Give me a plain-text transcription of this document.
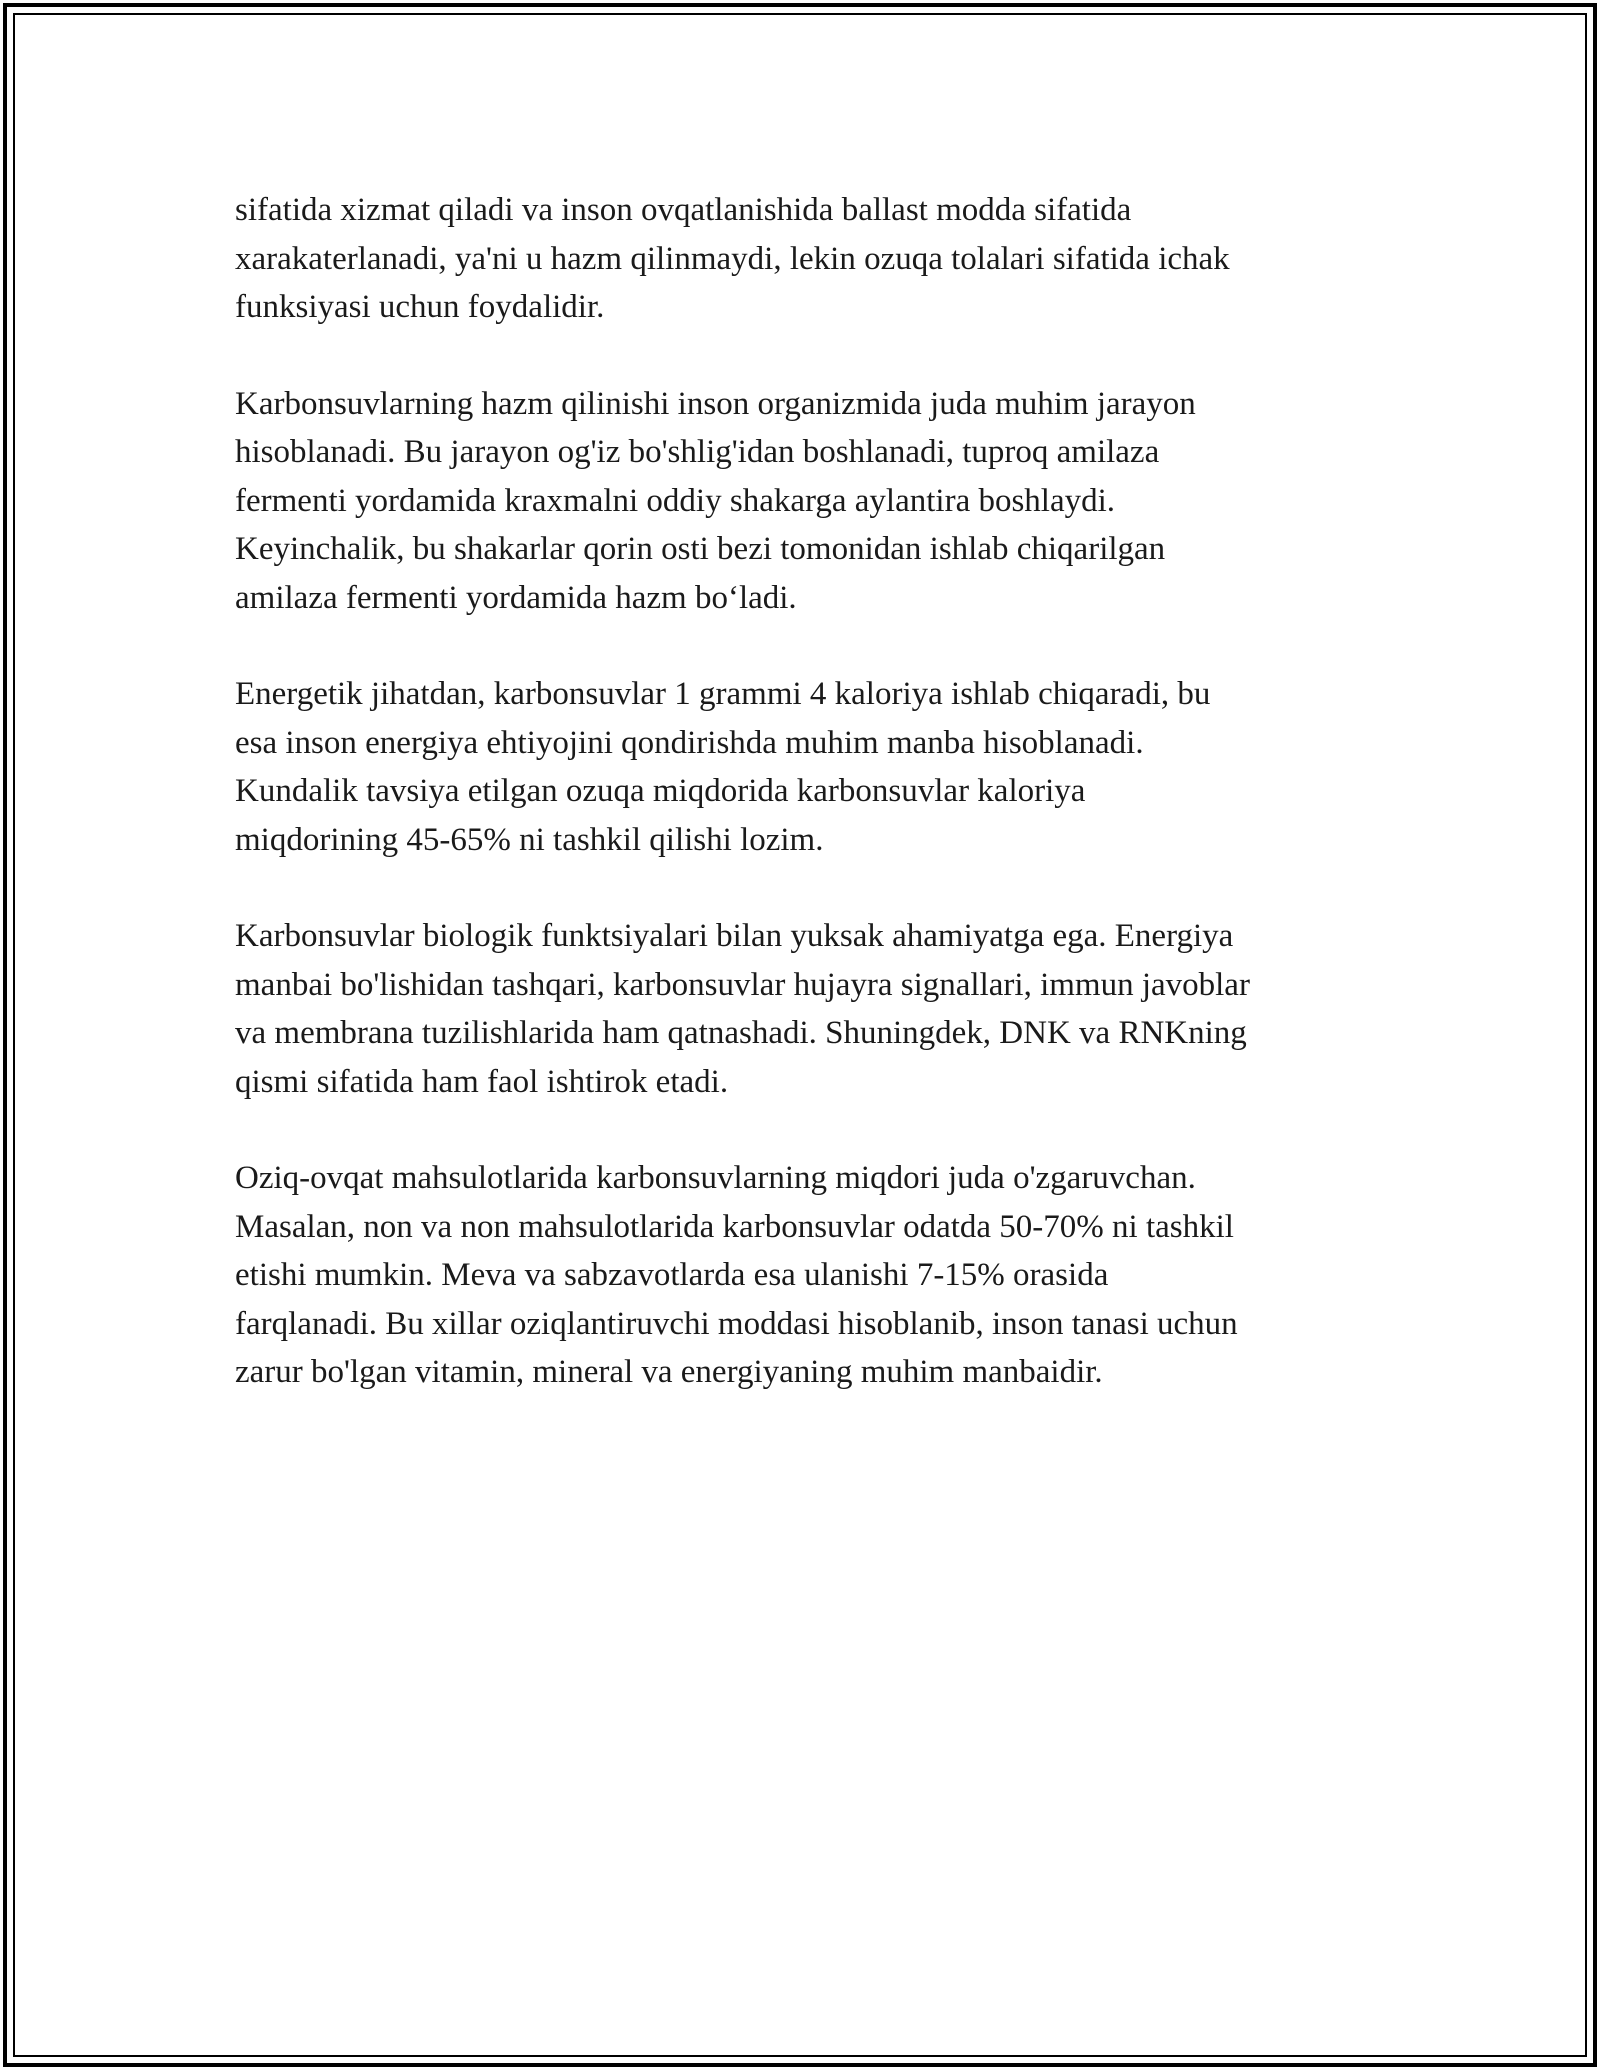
sifatida xizmat qiladi va inson ovqatlanishida ballast modda sifatida
xarakaterlanadi, ya'ni u hazm qilinmaydi, lekin ozuqa tolalari sifatida ichak
funksiyasi uchun foydalidir.

Karbonsuvlarning hazm qilinishi inson organizmida juda muhim jarayon
hisoblanadi. Bu jarayon og'iz bo'shlig'idan boshlanadi, tuproq amilaza
fermenti yordamida kraxmalni oddiy shakarga aylantira boshlaydi.
Keyinchalik, bu shakarlar qorin osti bezi tomonidan ishlab chiqarilgan
amilaza fermenti yordamida hazm bo‘ladi.

Energetik jihatdan, karbonsuvlar 1 grammi 4 kaloriya ishlab chiqaradi, bu
esa inson energiya ehtiyojini qondirishda muhim manba hisoblanadi.
Kundalik tavsiya etilgan ozuqa miqdorida karbonsuvlar kaloriya
miqdorining 45-65% ni tashkil qilishi lozim.

Karbonsuvlar biologik funktsiyalari bilan yuksak ahamiyatga ega. Energiya
manbai bo'lishidan tashqari, karbonsuvlar hujayra signallari, immun javoblar
va membrana tuzilishlarida ham qatnashadi. Shuningdek, DNK va RNKning
qismi sifatida ham faol ishtirok etadi.

Oziq-ovqat mahsulotlarida karbonsuvlarning miqdori juda o'zgaruvchan.
Masalan, non va non mahsulotlarida karbonsuvlar odatda 50-70% ni tashkil
etishi mumkin. Meva va sabzavotlarda esa ulanishi 7-15% orasida
farqlanadi. Bu xillar oziqlantiruvchi moddasi hisoblanib, inson tanasi uchun
zarur bo'lgan vitamin, mineral va energiyaning muhim manbaidir.
